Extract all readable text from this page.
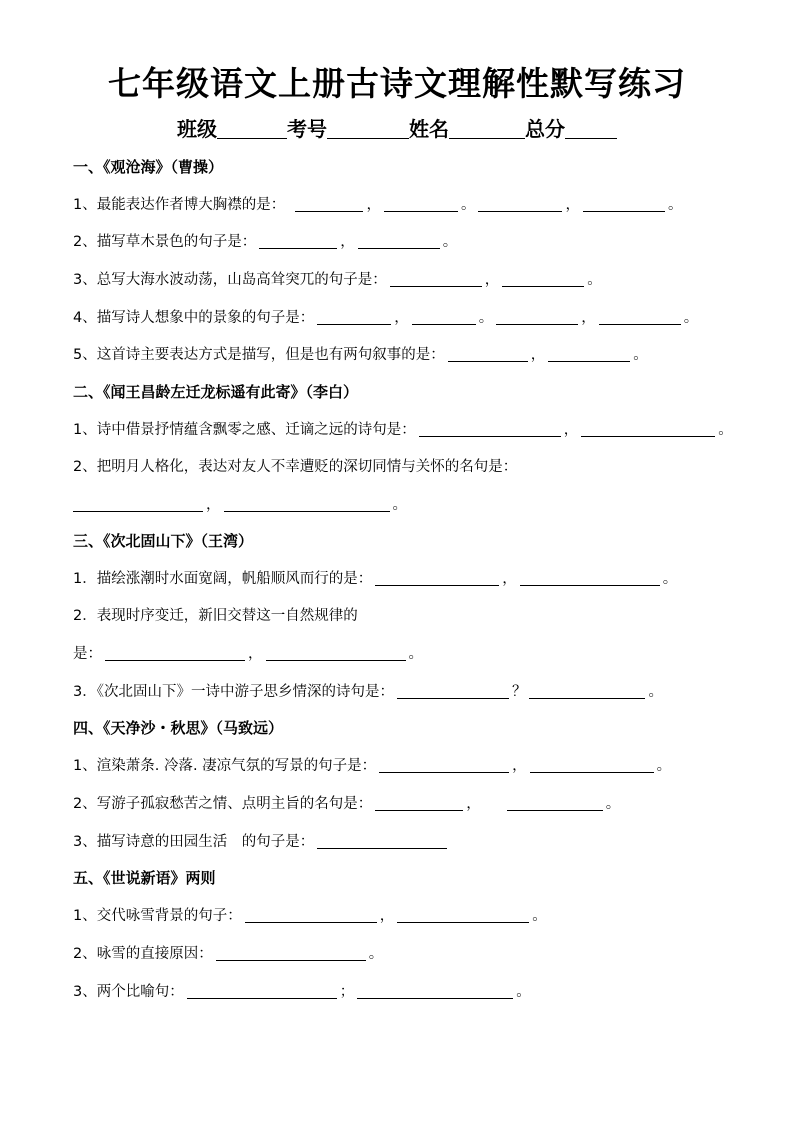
七年级语文上册古诗文理解性默写练习
班级	考号	姓名	总分
一、《观沧海》（曹操）
1、最能表达作者博大胸襟的是：　	，	。	，	。
2、描写草木景色的句子是：	，	。
3、总写大海水波动荡，山岛高耸突兀的句子是：	，	。
4、描写诗人想象中的景象的句子是：	，	。	，	。
5、这首诗主要表达方式是描写，但是也有两句叙事的是：	，	。
二、《闻王昌龄左迁龙标遥有此寄》（李白）
1、诗中借景抒情蕴含飘零之感、迁谪之远的诗句是：	，	。
2、把明月人格化，表达对友人不幸遭贬的深切同情与关怀的名句是：
，	。
三、《次北固山下》（王湾）
1．描绘涨潮时水面宽阔，帆船顺风而行的是：	，	。
2．表现时序变迁，新旧交替这一自然规律的
是：	，	。
3．《次北固山下》一诗中游子思乡情深的诗句是：	？	。
四、《天净沙・秋思》（马致远）
1、渲染萧条. 冷落. 凄凉气氛的写景的句子是：	，	。
2、写游子孤寂愁苦之情、点明主旨的名句是：	，	。
3、描写诗意的田园生活　的句子是：
五、《世说新语》两则
1、交代咏雪背景的句子：	，	。
2、咏雪的直接原因：	。
3、两个比喻句：	；	。
